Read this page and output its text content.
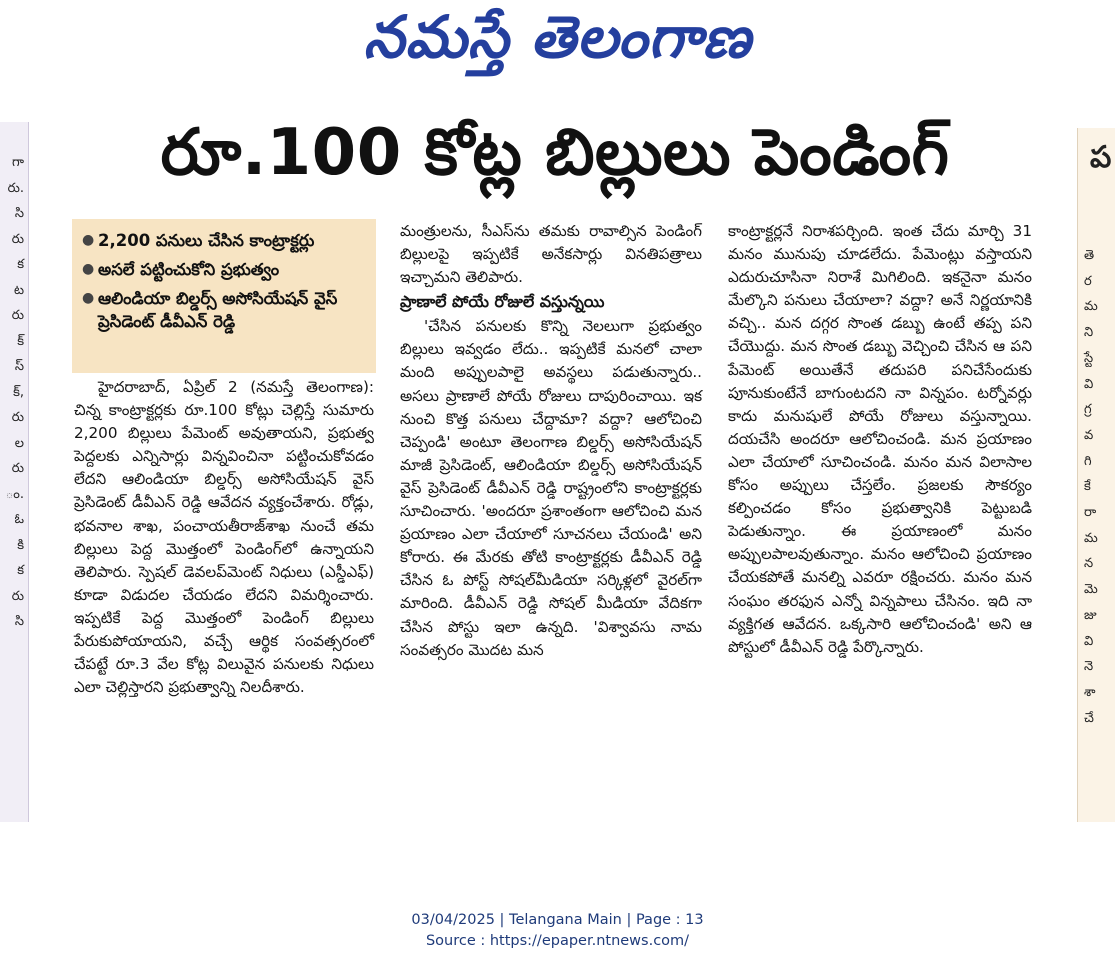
నమస్తే తెలంగాణ
గా
రు.
సి
రు
క
ట
రు
క్
స్
క్,
రు
ల
రు
ం.
ఓ
కి
క
రు
సి
ప
తె
ర
మ
ని
స్టే
వి
గ్ర
వ
గి
కే
రా
మ
న
మె
జు
వి
నె
శా
చే
రూ.100 కోట్ల బిల్లులు పెండింగ్
● 2,200 పనులు చేసిన కాంట్రాక్టర్లు
● అసలే పట్టించుకోని ప్రభుత్వం
● ఆలిండియా బిల్డర్స్ అసోసియేషన్ వైస్ ప్రెసిడెంట్ డీవీఎన్ రెడ్డి

హైదరాబాద్, ఏప్రిల్ 2 (నమస్తే తెలంగాణ): చిన్న కాంట్రాక్టర్లకు రూ.100 కోట్లు చెల్లిస్తే సుమారు 2,200 బిల్లులు పేమెంట్ అవుతాయని, ప్రభుత్వ పెద్దలకు ఎన్నిసార్లు విన్నవించినా పట్టించుకోవడం లేదని ఆలిండియా బిల్డర్స్ అసోసియేషన్ వైస్ ప్రెసిడెంట్ డీవీఎన్ రెడ్డి ఆవేదన వ్యక్తంచేశారు. రోడ్లు, భవనాల శాఖ, పంచాయతీరాజ్‌శాఖ నుంచే తమ బిల్లులు పెద్ద మొత్తంలో పెండింగ్‌లో ఉన్నాయని తెలిపారు. స్పెషల్ డెవలప్‌మెంట్ నిధులు (ఎస్డీఎఫ్) కూడా విడుదల చేయడం లేదని విమర్శించారు. ఇప్పటికే పెద్ద మొత్తంలో పెండింగ్ బిల్లులు పేరుకుపోయాయని, వచ్చే ఆర్థిక సంవత్సరంలో చేపట్టే రూ.3 వేల కోట్ల విలువైన పనులకు నిధులు ఎలా చెల్లిస్తారని ప్రభుత్వాన్ని నిలదీశారు.

మంత్రులను, సీఎస్‌ను తమకు రావాల్సిన పెండింగ్ బిల్లులపై ఇప్పటికే అనేకసార్లు వినతిపత్రాలు ఇచ్చామని తెలిపారు.

ప్రాణాలే పోయే రోజులే వస్తున్నయి

'చేసిన పనులకు కొన్ని నెలలుగా ప్రభుత్వం బిల్లులు ఇవ్వడం లేదు.. ఇప్పటికే మనలో చాలా మంది అప్పులపాలై అవస్థలు పడుతున్నారు.. అసలు ప్రాణాలే పోయే రోజులు దాపురించాయి. ఇక నుంచి కొత్త పనులు చేద్దామా? వద్దా? ఆలోచించి చెప్పండి' అంటూ తెలంగాణ బిల్డర్స్ అసోసియేషన్ మాజీ ప్రెసిడెంట్, ఆలిండియా బిల్డర్స్ అసోసియేషన్ వైస్ ప్రెసిడెంట్ డీవీఎన్ రెడ్డి రాష్ట్రంలోని కాంట్రాక్టర్లకు సూచించారు. 'అందరూ ప్రశాంతంగా ఆలోచించి మన ప్రయాణం ఎలా చేయాలో సూచనలు చేయండి' అని కోరారు. ఈ మేరకు తోటి కాంట్రాక్టర్లకు డీవీఎన్ రెడ్డి చేసిన ఓ పోస్ట్ సోషల్‌మీడియా సర్కిళ్లలో వైరల్‌గా మారింది. డీవీఎన్ రెడ్డి సోషల్ మీడియా వేదికగా చేసిన పోస్టు ఇలా ఉన్నది. 'విశ్వావసు నామ సంవత్సరం మొదట మన

కాంట్రాక్టర్లనే నిరాశపర్చింది. ఇంత చేదు మార్చి 31 మనం మునుపు చూడలేదు. పేమెంట్లు వస్తాయని ఎదురుచూసినా నిరాశే మిగిలింది. ఇకనైనా మనం మేల్కొని పనులు చేయాలా? వద్దా? అనే నిర్ణయానికి వచ్చి.. మన దగ్గర సొంత డబ్బు ఉంటే తప్ప పని చేయొద్దు. మన సొంత డబ్బు వెచ్చించి చేసిన ఆ పని పేమెంట్ అయితేనే తదుపరి పనిచేసేందుకు పూనుకుంటేనే బాగుంటదని నా విన్నపం. టర్నోవర్లు కాదు మనుషులే పోయే రోజులు వస్తున్నాయి. దయచేసి అందరూ ఆలోచించండి. మన ప్రయాణం ఎలా చేయాలో సూచించండి. మనం మన విలాసాల కోసం అప్పులు చేస్తలేం. ప్రజలకు సౌకర్యం కల్పించడం కోసం ప్రభుత్వానికి పెట్టుబడి పెడుతున్నాం. ఈ ప్రయాణంలో మనం అప్పులపాలవుతున్నాం. మనం ఆలోచించి ప్రయాణం చేయకపోతే మనల్ని ఎవరూ రక్షించరు. మనం మన సంఘం తరఫున ఎన్నో విన్నపాలు చేసినం. ఇది నా వ్యక్తిగత ఆవేదన. ఒక్కసారి ఆలోచించండి' అని ఆ పోస్టులో డీవీఎన్ రెడ్డి పేర్కొన్నారు.

03/04/2025 | Telangana Main | Page : 13
Source : https://epaper.ntnews.com/
